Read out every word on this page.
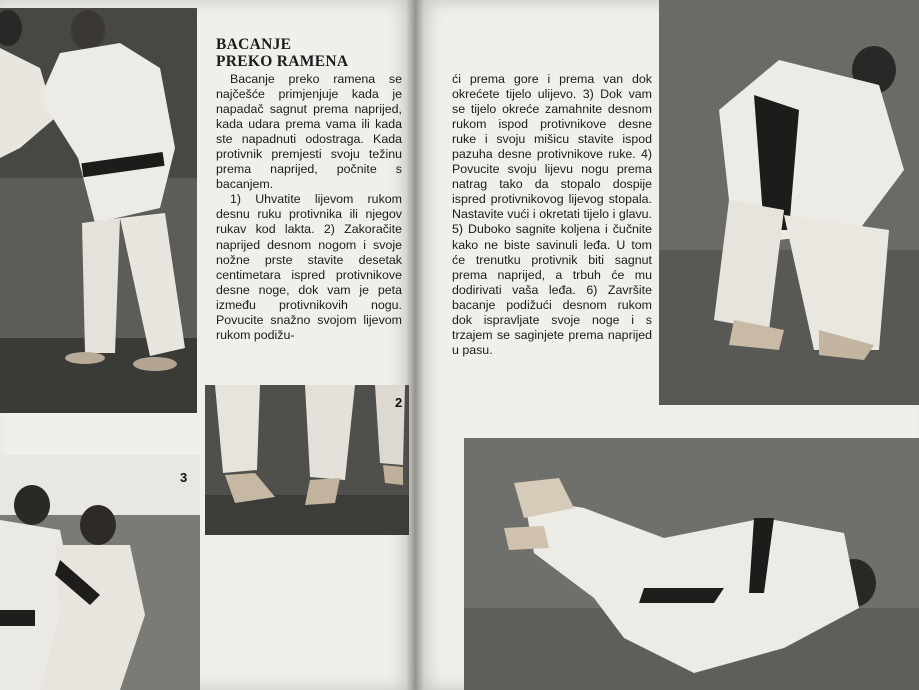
2
3
BACANJE
PREKO RAMENA

Bacanje preko ramena se najčešće primjenjuje kada je napadač sagnut prema naprijed, kada udara prema vama ili kada ste napadnuti odostraga. Kada protivnik premjesti svoju težinu prema naprijed, počnite s bacanjem.

1) Uhvatite lijevom rukom desnu ruku protivnika ili njegov rukav kod lakta. 2) Zakoračite naprijed desnom nogom i svoje nožne prste stavite desetak centimetara ispred protivnikove desne noge, dok vam je peta između protivnikovih nogu. Povucite snažno svojom lijevom rukom podižu-

ći prema gore i prema van dok okrećete tijelo ulijevo. 3) Dok vam se tijelo okreće zamahnite desnom rukom ispod protivnikove desne ruke i svoju mišicu stavite ispod pazuha desne protivnikove ruke. 4) Povucite svoju lijevu nogu prema natrag tako da stopalo dospije ispred protivnikovog lijevog stopala. Nastavite vući i okretati tijelo i glavu. 5) Duboko sagnite koljena i čučnite kako ne biste savinuli leđa. U tom će trenutku protivnik biti sagnut prema naprijed, a trbuh će mu dodirivati vaša leđa. 6) Završite bacanje podižući desnom rukom dok ispravljate svoje noge i s trzajem se saginjete prema naprijed u pasu.
